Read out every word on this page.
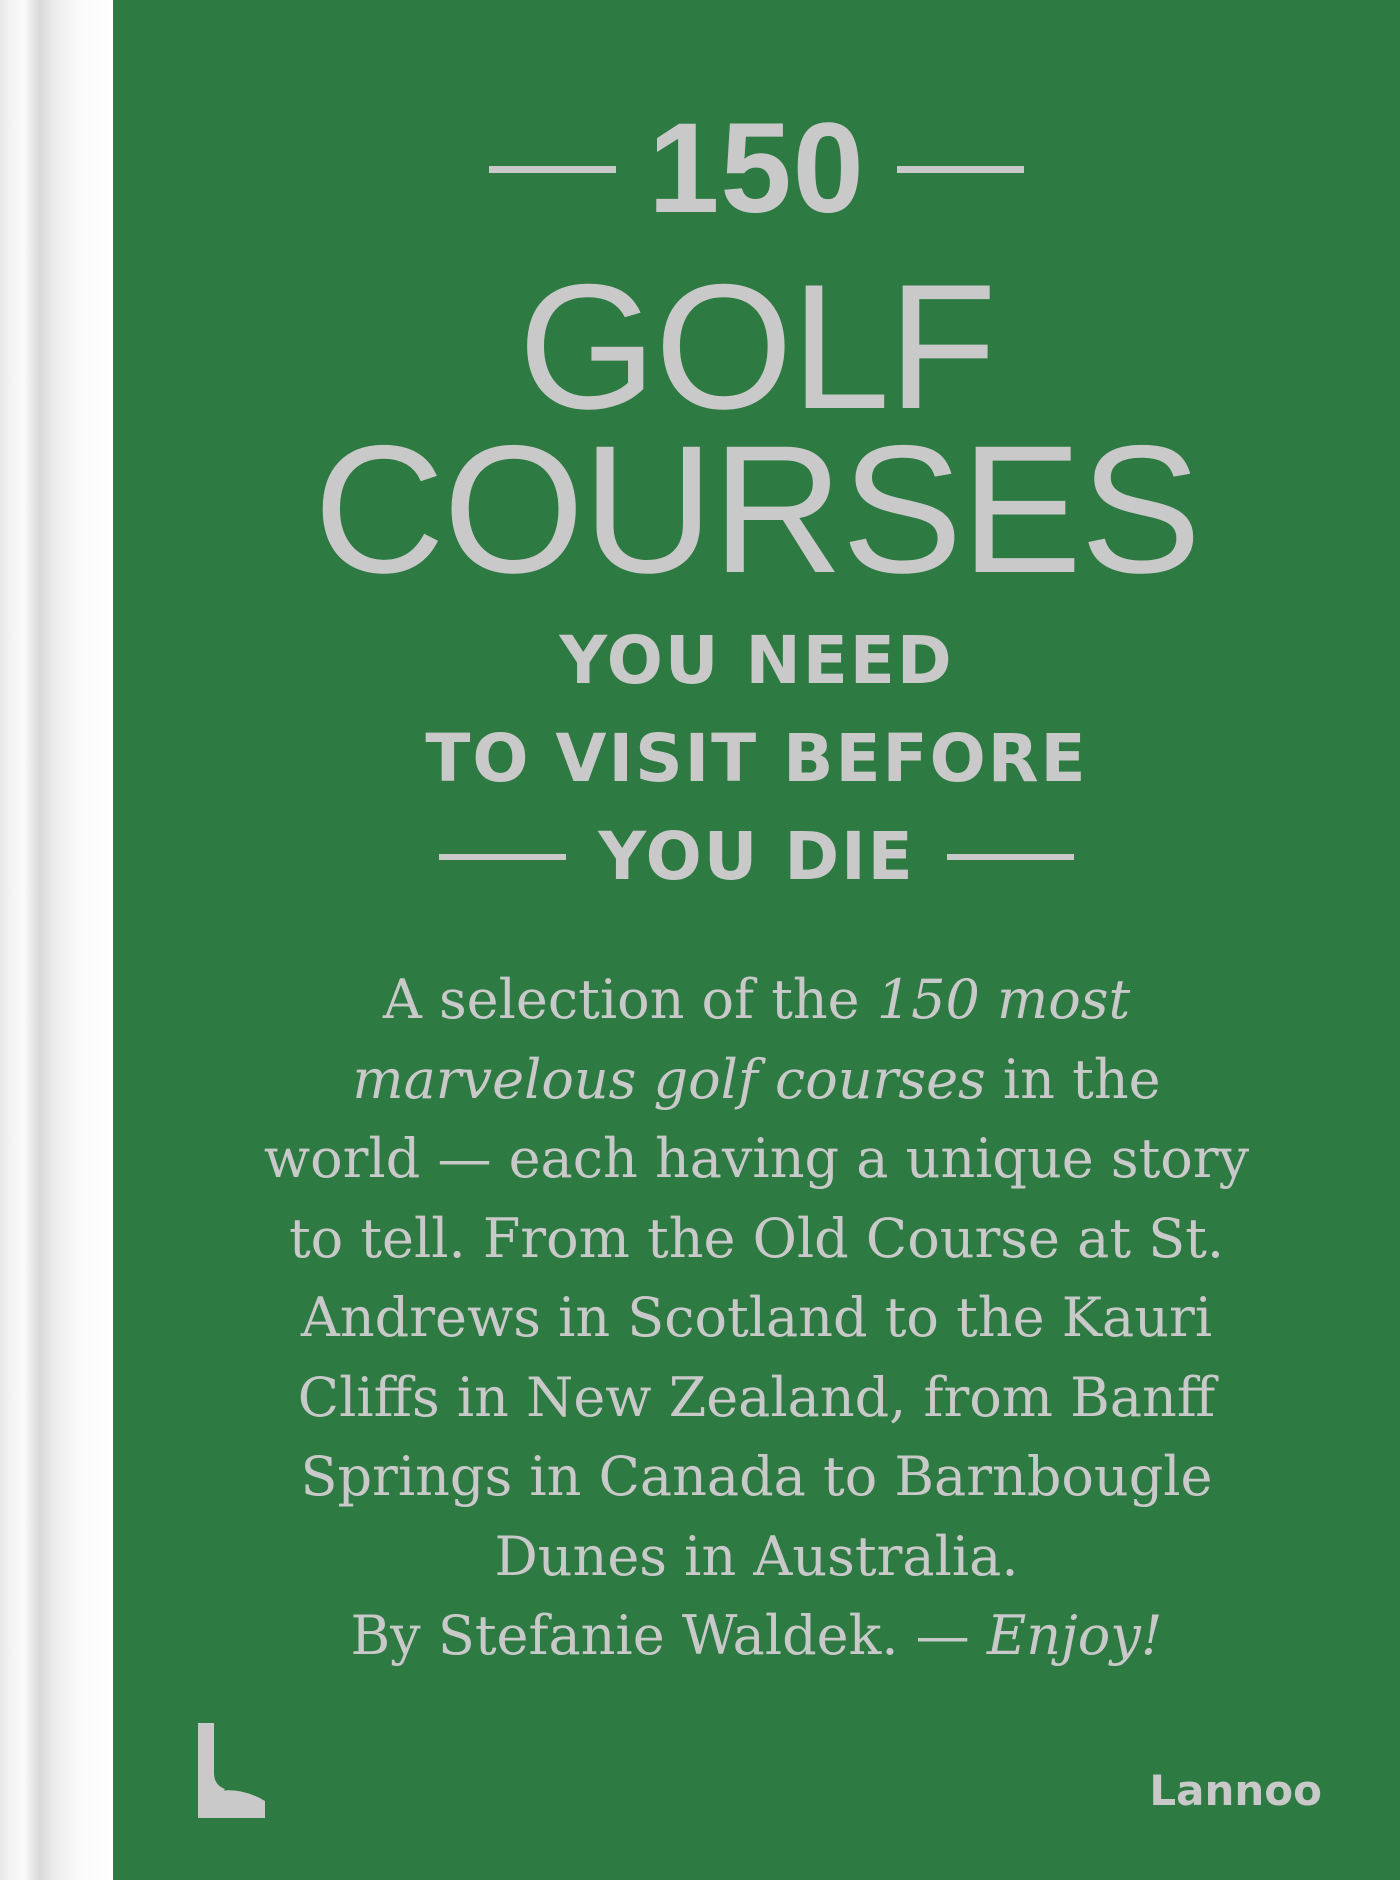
150
GOLF
COURSES
YOU NEED
TO VISIT BEFORE
YOU DIE
A selection of the 150 most
marvelous golf courses in the
world — each having a unique story
to tell. From the Old Course at St.
Andrews in Scotland to the Kauri
Cliffs in New Zealand, from Banff
Springs in Canada to Barnbougle
Dunes in Australia.
By Stefanie Waldek. — Enjoy!
Lannoo
